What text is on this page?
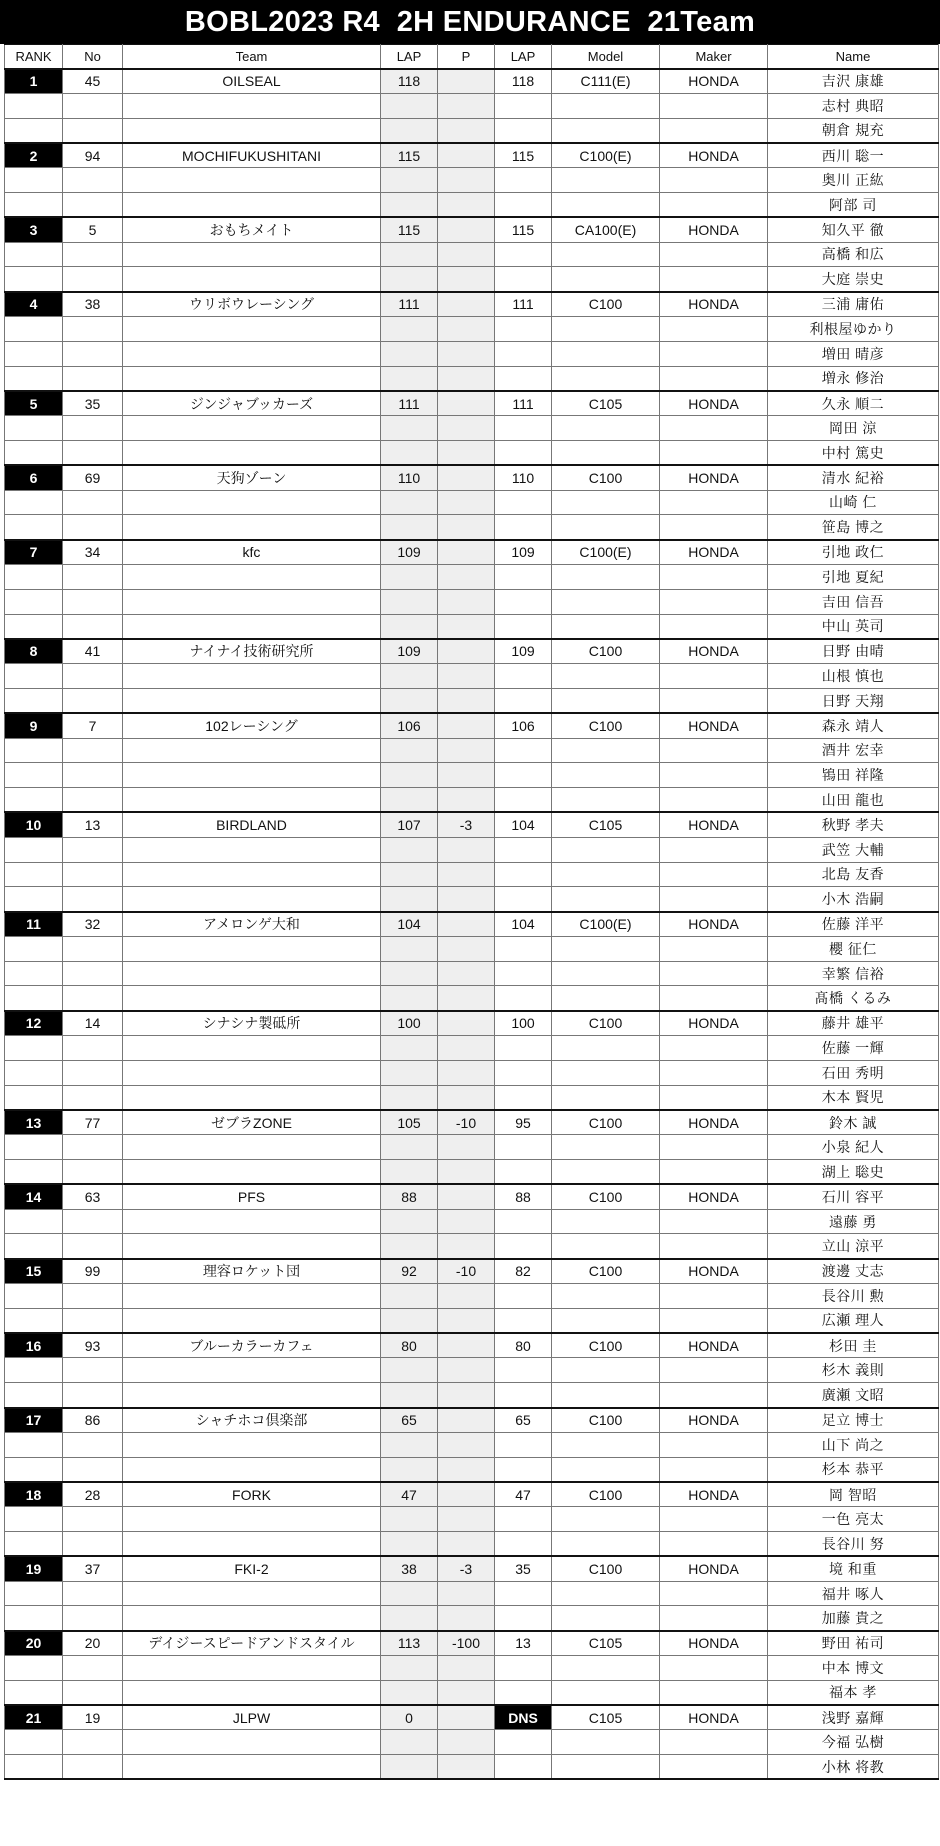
BOBL2023 R4  2H ENDURANCE  21Team
RANK	No	Team	LAP	P	LAP	Model	Maker	Name
1	45	OILSEAL	118		118	C111(E)	HONDA	吉沢 康雄
								志村 典昭
								朝倉 規充
2	94	MOCHIFUKUSHITANI	115		115	C100(E)	HONDA	西川 聡一
								奥川 正紘
								阿部 司
3	5	おもちメイト	115		115	CA100(E)	HONDA	知久平 徹
								高橋 和広
								大庭 崇史
4	38	ウリボウレーシング	111		111	C100	HONDA	三浦 庸佑
								利根屋ゆかり
								増田 晴彦
								増永 修治
5	35	ジンジャブッカーズ	111		111	C105	HONDA	久永 順二
								岡田 涼
								中村 篤史
6	69	天狗ゾーン	110		110	C100	HONDA	清水 紀裕
								山崎 仁
								笹島 博之
7	34	kfc	109		109	C100(E)	HONDA	引地 政仁
								引地 夏紀
								吉田 信吾
								中山 英司
8	41	ナイナイ技術研究所	109		109	C100	HONDA	日野 由晴
								山根 慎也
								日野 天翔
9	7	102レーシング	106		106	C100	HONDA	森永 靖人
								酒井 宏幸
								鴇田 祥隆
								山田 龍也
10	13	BIRDLAND	107	-3	104	C105	HONDA	秋野 孝夫
								武笠 大輔
								北島 友香
								小木 浩嗣
11	32	アメロンゲ大和	104		104	C100(E)	HONDA	佐藤 洋平
								櫻 征仁
								幸繁 信裕
								髙橋 くるみ
12	14	シナシナ製砥所	100		100	C100	HONDA	藤井 雄平
								佐藤 一輝
								石田 秀明
								木本 賢児
13	77	ゼブラZONE	105	-10	95	C100	HONDA	鈴木 誠
								小泉 紀人
								湖上 聡史
14	63	PFS	88		88	C100	HONDA	石川 容平
								遠藤 勇
								立山 涼平
15	99	理容ロケット団	92	-10	82	C100	HONDA	渡邊 丈志
								長谷川 勲
								広瀬 理人
16	93	ブルーカラーカフェ	80		80	C100	HONDA	杉田 圭
								杉木 義則
								廣瀬 文昭
17	86	シャチホコ倶楽部	65		65	C100	HONDA	足立 博士
								山下 尚之
								杉本 恭平
18	28	FORK	47		47	C100	HONDA	岡 智昭
								一色 亮太
								長谷川 努
19	37	FKI-2	38	-3	35	C100	HONDA	境 和重
								福井 啄人
								加藤 貴之
20	20	デイジースピードアンドスタイル	113	-100	13	C105	HONDA	野田 祐司
								中本 博文
								福本 孝
21	19	JLPW	0		DNS	C105	HONDA	浅野 嘉輝
								今福 弘樹
								小林 将教
